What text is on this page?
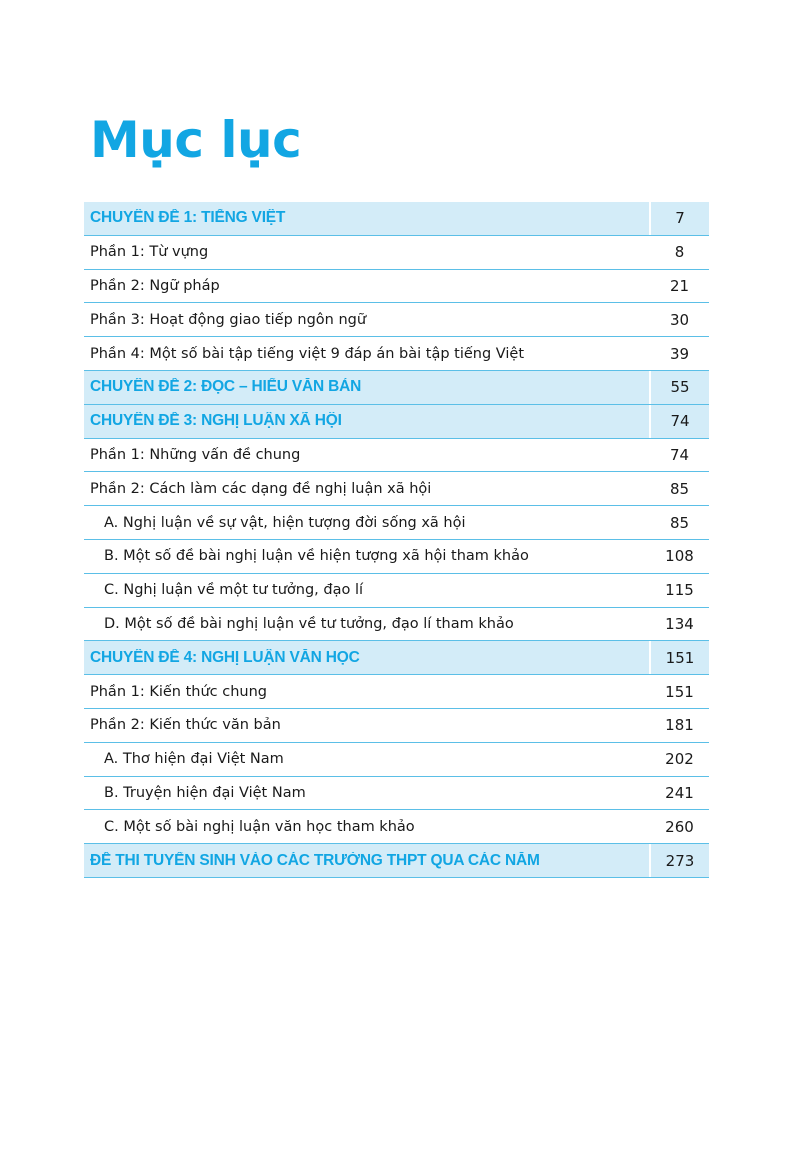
Mục lục
CHUYÊN ĐỀ 1: TIẾNG VIỆT	7
Phần 1: Từ vựng	8
Phần 2: Ngữ pháp	21
Phần 3: Hoạt động giao tiếp ngôn ngữ	30
Phần 4: Một số bài tập tiếng việt 9 đáp án bài tập tiếng Việt	39
CHUYÊN ĐỀ 2: ĐỌC – HIỂU VĂN BẢN	55
CHUYÊN ĐỀ 3: NGHỊ LUẬN XÃ HỘI	74
Phần 1: Những vấn đề chung	74
Phần 2: Cách làm các dạng đề nghị luận xã hội	85
A. Nghị luận về sự vật, hiện tượng đời sống xã hội	85
B. Một số đề bài nghị luận về hiện tượng xã hội tham khảo	108
C. Nghị luận về một tư tưởng, đạo lí	115
D. Một số đề bài nghị luận về tư tưởng, đạo lí tham khảo	134
CHUYÊN ĐỀ 4: NGHỊ LUẬN VĂN HỌC	151
Phần 1: Kiến thức chung	151
Phần 2: Kiến thức văn bản	181
A. Thơ hiện đại Việt Nam	202
B. Truyện hiện đại Việt Nam	241
C. Một số bài nghị luận văn học tham khảo	260
ĐỀ THI TUYỂN SINH VÀO CÁC TRƯỜNG THPT QUA CÁC NĂM	273
